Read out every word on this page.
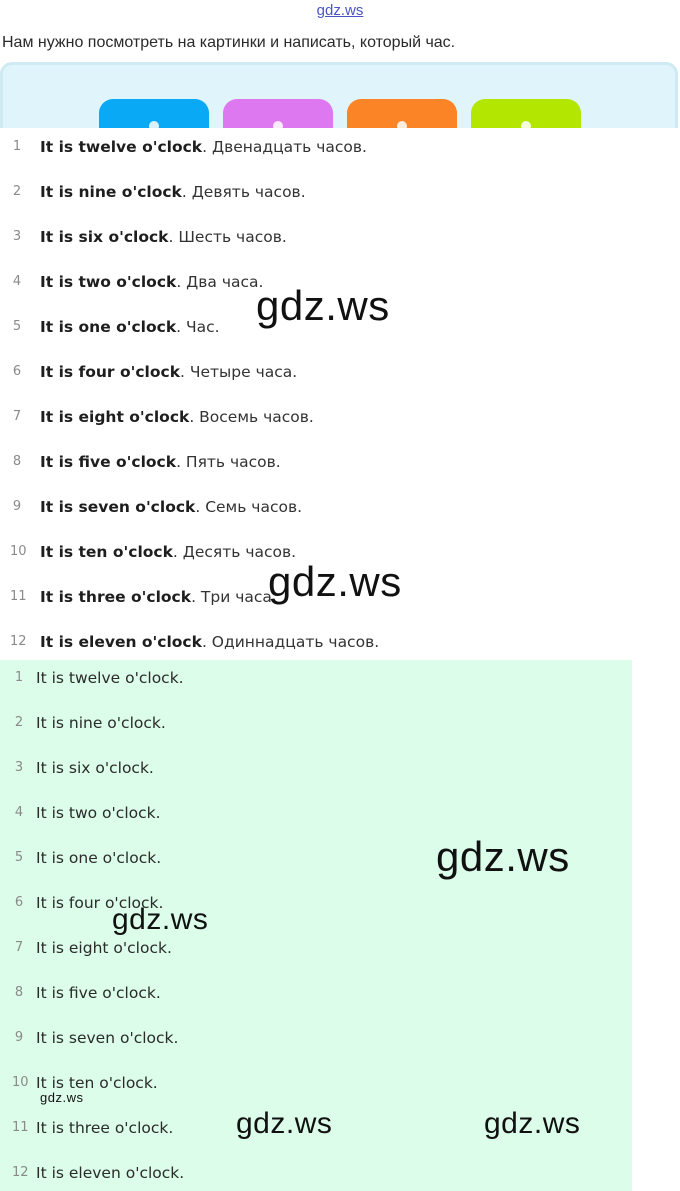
gdz.ws
Нам нужно посмотреть на картинки и написать, который час.
1 It is twelve o'clock. Двенадцать часов.
2 It is nine o'clock. Девять часов.
3 It is six o'clock. Шесть часов.
4 It is two o'clock. Два часа.
5 It is one o'clock. Час.
6 It is four o'clock. Четыре часа.
7 It is eight o'clock. Восемь часов.
8 It is five o'clock. Пять часов.
9 It is seven o'clock. Семь часов.
10 It is ten o'clock. Десять часов.
11 It is three o'clock. Три часа.
12 It is eleven o'clock. Одиннадцать часов.
1 It is twelve o'clock.
2 It is nine o'clock.
3 It is six o'clock.
4 It is two o'clock.
5 It is one o'clock.
6 It is four o'clock.
7 It is eight o'clock.
8 It is five o'clock.
9 It is seven o'clock.
10 It is ten o'clock.
11 It is three o'clock.
12 It is eleven o'clock.
gdz.ws
gdz.ws
gdz.ws
gdz.ws
gdz.ws
gdz.ws	gdz.ws
